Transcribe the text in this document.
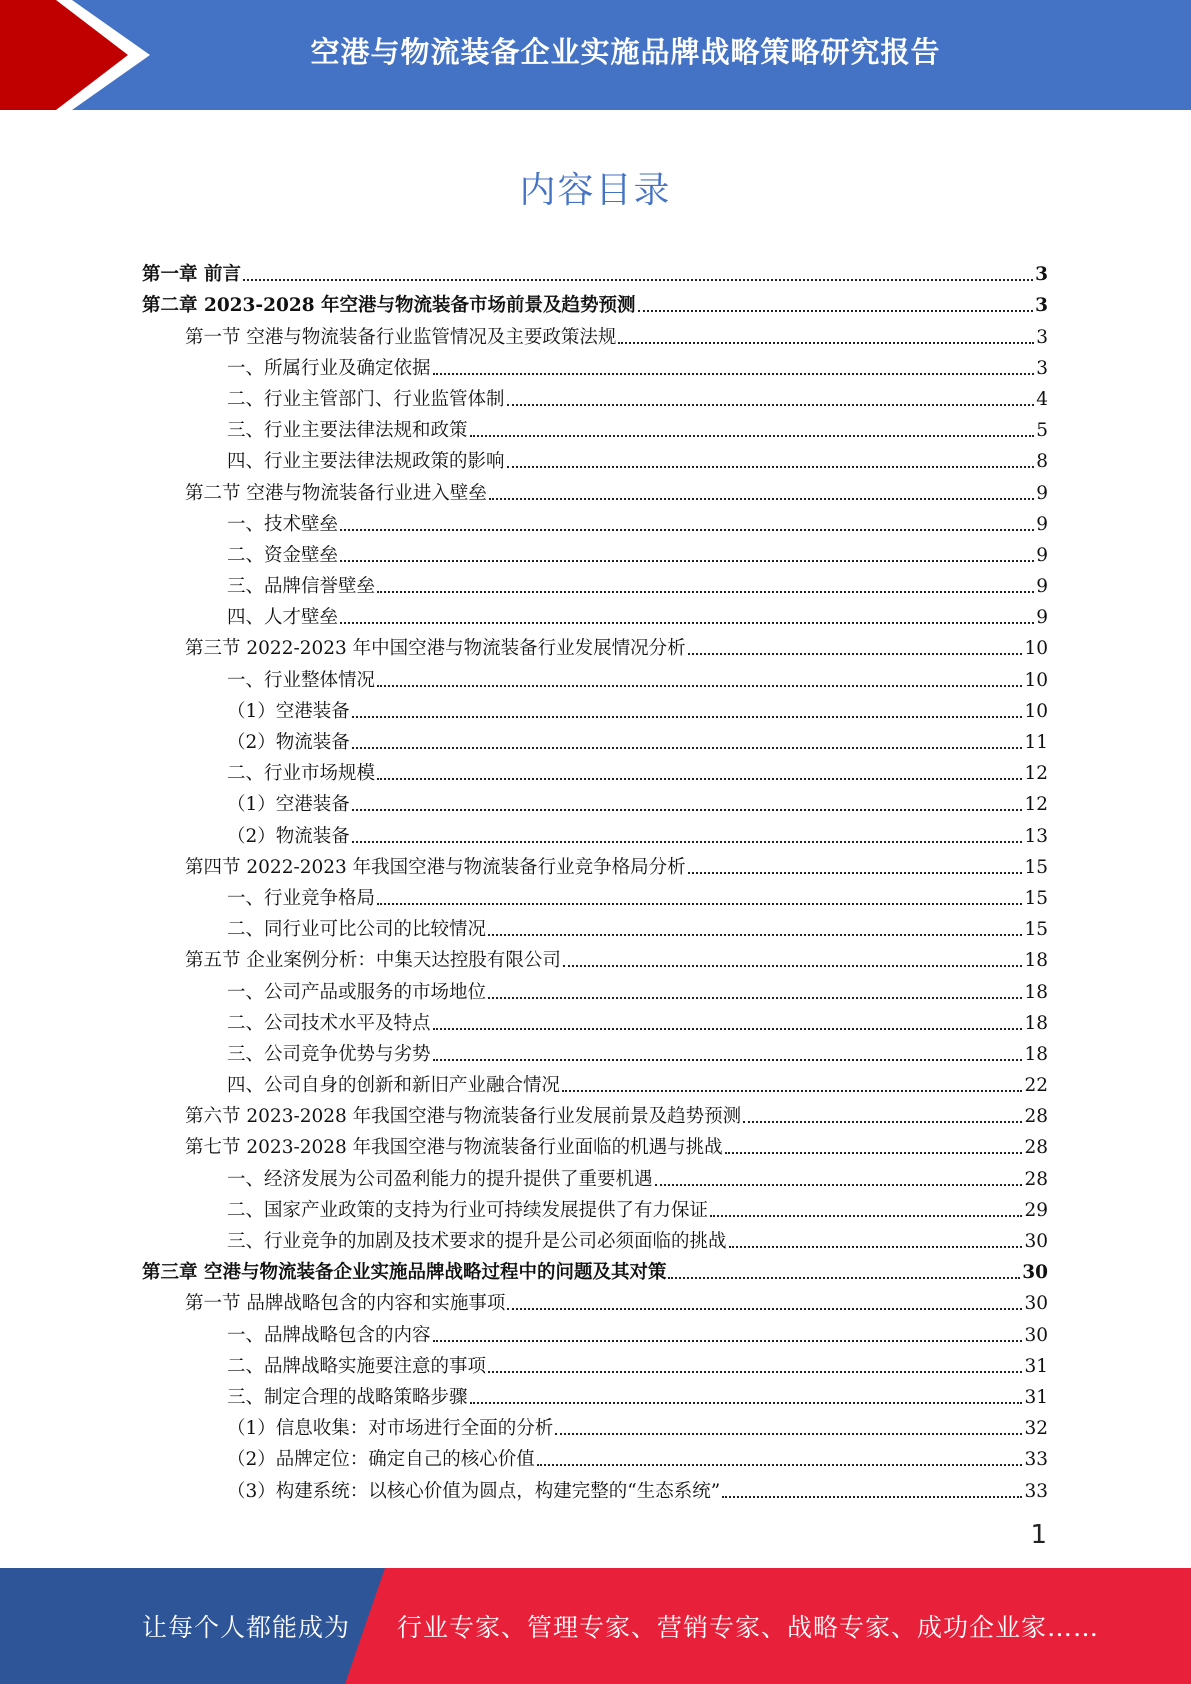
空港与物流装备企业实施品牌战略策略研究报告
内容目录
第一章 前言	3
第二章 2023-2028 年空港与物流装备市场前景及趋势预测	3
第一节 空港与物流装备行业监管情况及主要政策法规	3
一、所属行业及确定依据	3
二、行业主管部门、行业监管体制	4
三、行业主要法律法规和政策	5
四、行业主要法律法规政策的影响	8
第二节 空港与物流装备行业进入壁垒	9
一、技术壁垒	9
二、资金壁垒	9
三、品牌信誉壁垒	9
四、人才壁垒	9
第三节 2022-2023 年中国空港与物流装备行业发展情况分析	10
一、行业整体情况	10
（1）空港装备	10
（2）物流装备	11
二、行业市场规模	12
（1）空港装备	12
（2）物流装备	13
第四节 2022-2023 年我国空港与物流装备行业竞争格局分析	15
一、行业竞争格局	15
二、同行业可比公司的比较情况	15
第五节 企业案例分析：中集天达控股有限公司	18
一、公司产品或服务的市场地位	18
二、公司技术水平及特点	18
三、公司竞争优势与劣势	18
四、公司自身的创新和新旧产业融合情况	22
第六节 2023-2028 年我国空港与物流装备行业发展前景及趋势预测	28
第七节 2023-2028 年我国空港与物流装备行业面临的机遇与挑战	28
一、经济发展为公司盈利能力的提升提供了重要机遇	28
二、国家产业政策的支持为行业可持续发展提供了有力保证	29
三、行业竞争的加剧及技术要求的提升是公司必须面临的挑战	30
第三章 空港与物流装备企业实施品牌战略过程中的问题及其对策	30
第一节 品牌战略包含的内容和实施事项	30
一、品牌战略包含的内容	30
二、品牌战略实施要注意的事项	31
三、制定合理的战略策略步骤	31
（1）信息收集：对市场进行全面的分析	32
（2）品牌定位：确定自己的核心价值	33
（3）构建系统：以核心价值为圆点，构建完整的“生态系统”	33
1
让每个人都能成为 行业专家、管理专家、营销专家、战略专家、成功企业家……
